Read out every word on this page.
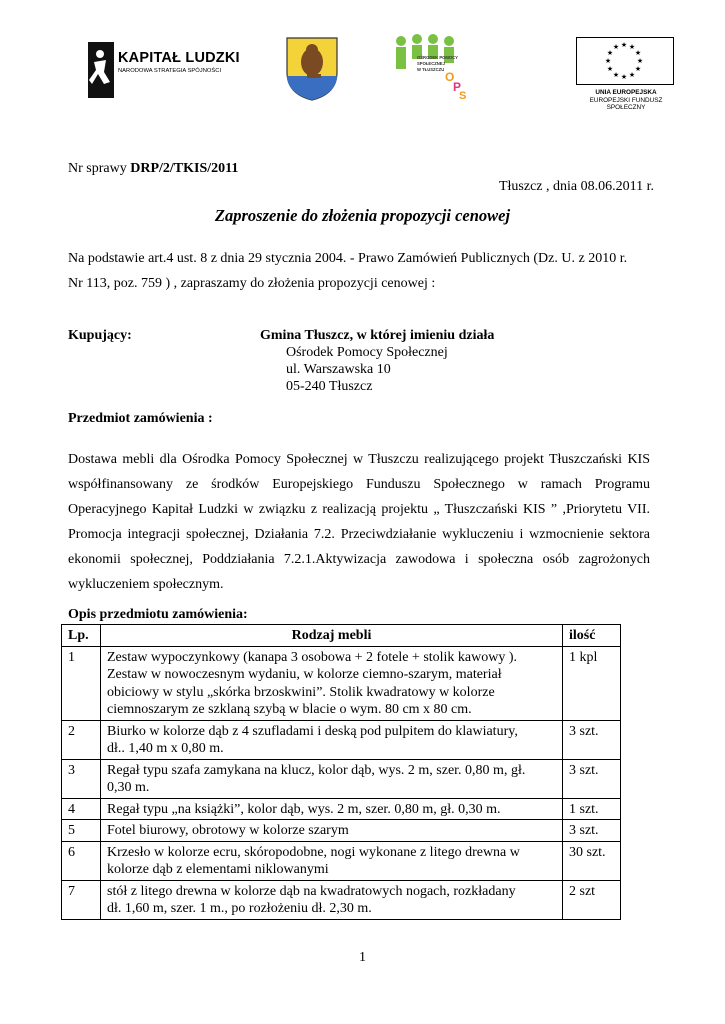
KAPITAŁ LUDZKI
NARODOWA STRATEGIA SPÓJNOŚCI	O
P
S
OŚRODEK POMOCY
SPOŁECZNEJ
W TŁUSZCZU
★ ★
★
★
★
★
★
★
★
★
★
★
UNIA EUROPEJSKA
EUROPEJSKI FUNDUSZ
SPOŁECZNY
Nr sprawy DRP/2/TKIS/2011
Tłuszcz , dnia 08.06.2011 r.
Zaproszenie do złożenia propozycji cenowej
Na podstawie art.4 ust. 8 z dnia 29 stycznia 2004. - Prawo Zamówień Publicznych (Dz. U. z 2010 r.
Nr 113, poz. 759 ) , zapraszamy do złożenia propozycji cenowej :
Kupujący:	Gmina Tłuszcz, w której imieniu działa
Ośrodek Pomocy Społecznej
ul. Warszawska 10
05-240 Tłuszcz
Przedmiot zamówienia :
Dostawa mebli dla Ośrodka Pomocy Społecznej w Tłuszczu realizującego projekt Tłuszczański KIS
współfinansowany ze środków Europejskiego Funduszu Społecznego w ramach Programu
Operacyjnego Kapitał Ludzki w związku z realizacją projektu „ Tłuszczański KIS ” ,Priorytetu VII.
Promocja integracji społecznej, Działania 7.2. Przeciwdziałanie wykluczeniu i wzmocnienie sektora
ekonomii społecznej, Poddziałania 7.2.1.Aktywizacja zawodowa i społeczna osób zagrożonych
wykluczeniem społecznym.
Opis przedmiotu zamówienia:
Lp.	Rodzaj mebli	ilość
1	Zestaw wypoczynkowy (kanapa 3 osobowa + 2 fotele + stolik kawowy ).
Zestaw w nowoczesnym wydaniu, w kolorze ciemno-szarym, materiał
obiciowy w stylu „skórka brzoskwini”. Stolik kwadratowy w kolorze
ciemnoszarym ze szklaną szybą w blacie o wym. 80 cm x 80 cm.	1 kpl
2	Biurko w kolorze dąb z 4 szufladami i deską pod pulpitem do klawiatury,
dł.. 1,40 m x 0,80 m.	3 szt.
3	Regał typu szafa zamykana na klucz, kolor dąb, wys. 2 m, szer. 0,80 m, gł.
0,30 m.	3 szt.
4	Regał typu „na książki”, kolor dąb, wys. 2 m, szer. 0,80 m, gł. 0,30 m.	1 szt.
5	Fotel biurowy, obrotowy w kolorze szarym	3 szt.
6	Krzesło w kolorze ecru, skóropodobne, nogi wykonane z litego drewna w
kolorze dąb z elementami niklowanymi	30 szt.
7	stół z litego drewna w kolorze dąb na kwadratowych nogach, rozkładany
dł. 1,60 m, szer. 1 m., po rozłożeniu dł. 2,30 m.	2 szt
1
